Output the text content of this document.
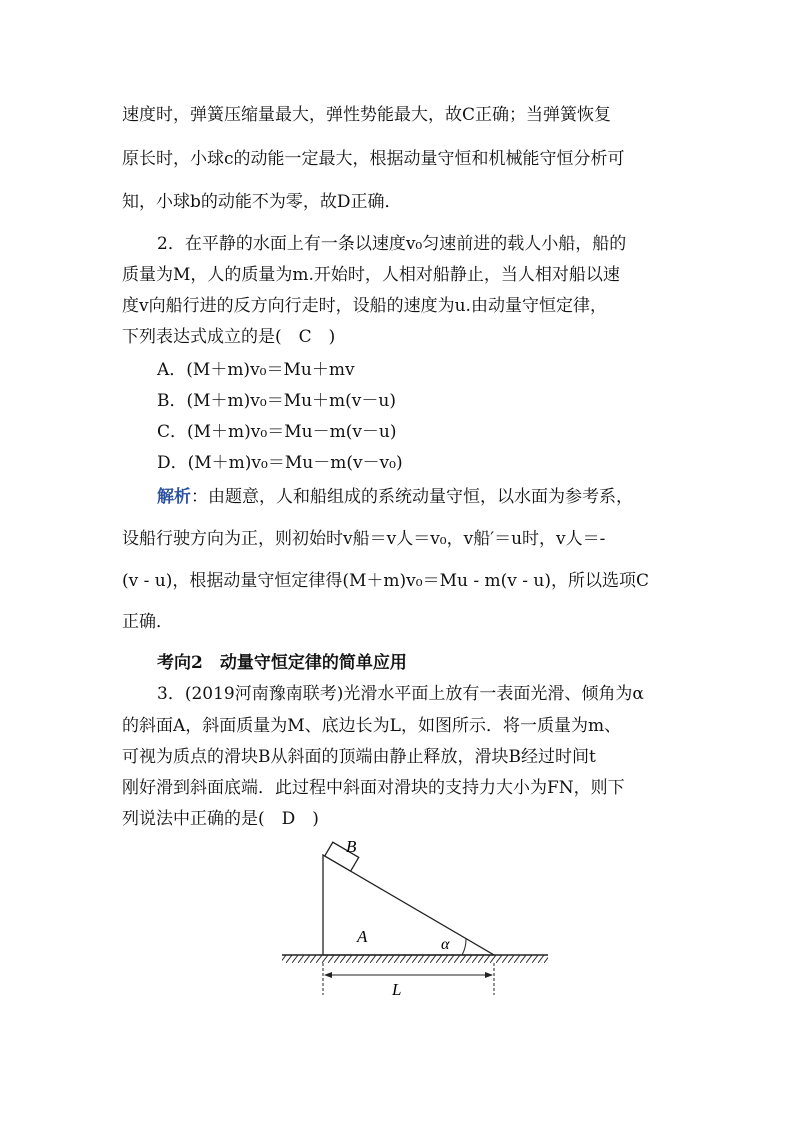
速度时，弹簧压缩量最大，弹性势能最大，故C正确；当弹簧恢复
原长时，小球c的动能一定最大，根据动量守恒和机械能守恒分析可
知，小球b的动能不为零，故D正确．
2．在平静的水面上有一条以速度v₀匀速前进的载人小船，船的
质量为M，人的质量为m.开始时，人相对船静止，当人相对船以速
度v向船行进的反方向行走时，设船的速度为u.由动量守恒定律，
下列表达式成立的是(　C　)
A．(M＋m)v₀＝Mu＋mv
B．(M＋m)v₀＝Mu＋m(v－u)
C．(M＋m)v₀＝Mu－m(v－u)
D．(M＋m)v₀＝Mu－m(v－v₀)
解析：由题意，人和船组成的系统动量守恒，以水面为参考系，
设船行驶方向为正，则初始时v船＝v人＝v₀，v船′＝u时，v人＝-
(v - u)，根据动量守恒定律得(M＋m)v₀＝Mu - m(v - u)，所以选项C
正确．
考向2　动量守恒定律的简单应用
3．(2019河南豫南联考)光滑水平面上放有一表面光滑、倾角为α
的斜面A，斜面质量为M、底边长为L，如图所示．将一质量为m、
可视为质点的滑块B从斜面的顶端由静止释放，滑块B经过时间t
刚好滑到斜面底端．此过程中斜面对滑块的支持力大小为FN，则下
列说法中正确的是(　D　)
B
A	α
L
